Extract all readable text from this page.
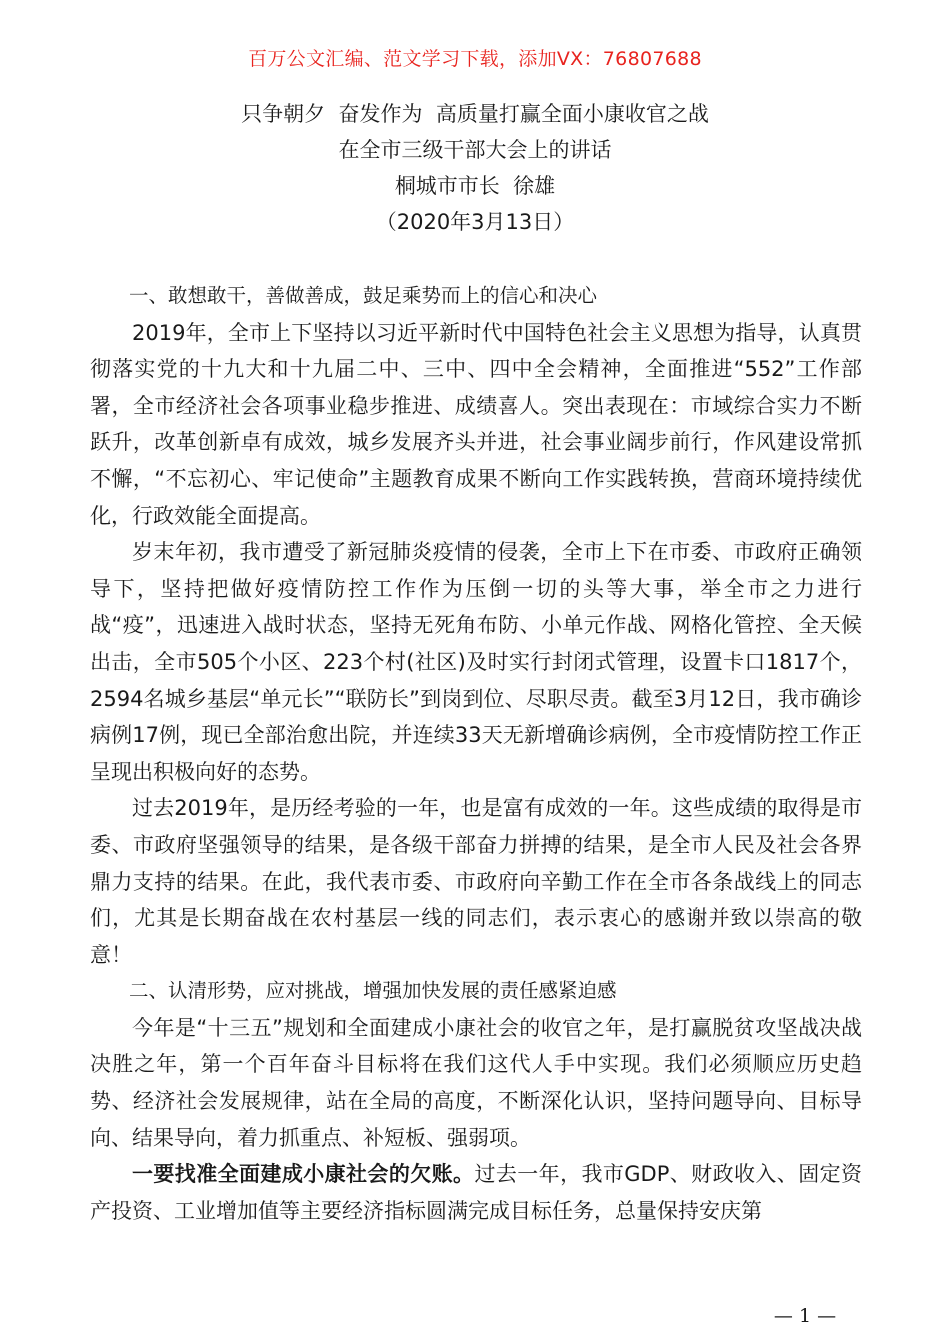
百万公文汇编、范文学习下载，添加VX：76807688
只争朝夕  奋发作为  高质量打赢全面小康收官之战
在全市三级干部大会上的讲话
桐城市市长  徐雄
（2020年3月13日）

一、敢想敢干，善做善成，鼓足乘势而上的信心和决心

2019年，全市上下坚持以习近平新时代中国特色社会主义思想为指导，认真贯彻落实党的十九大和十九届二中、三中、四中全会精神，全面推进“552”工作部署，全市经济社会各项事业稳步推进、成绩喜人。突出表现在：市域综合实力不断跃升，改革创新卓有成效，城乡发展齐头并进，社会事业阔步前行，作风建设常抓不懈，“不忘初心、牢记使命”主题教育成果不断向工作实践转换，营商环境持续优化，行政效能全面提高。

岁末年初，我市遭受了新冠肺炎疫情的侵袭，全市上下在市委、市政府正确领导下，坚持把做好疫情防控工作作为压倒一切的头等大事，举全市之力进行战“疫”，迅速进入战时状态，坚持无死角布防、小单元作战、网格化管控、全天候出击，全市505个小区、223个村(社区)及时实行封闭式管理，设置卡口1817个，2594名城乡基层“单元长”“联防长”到岗到位、尽职尽责。截至3月12日，我市确诊病例17例，现已全部治愈出院，并连续33天无新增确诊病例，全市疫情防控工作正呈现出积极向好的态势。

过去2019年，是历经考验的一年，也是富有成效的一年。这些成绩的取得是市委、市政府坚强领导的结果，是各级干部奋力拼搏的结果，是全市人民及社会各界鼎力支持的结果。在此，我代表市委、市政府向辛勤工作在全市各条战线上的同志们，尤其是长期奋战在农村基层一线的同志们，表示衷心的感谢并致以崇高的敬意！

二、认清形势，应对挑战，增强加快发展的责任感紧迫感

今年是“十三五”规划和全面建成小康社会的收官之年，是打赢脱贫攻坚战决战决胜之年，第一个百年奋斗目标将在我们这代人手中实现。我们必须顺应历史趋势、经济社会发展规律，站在全局的高度，不断深化认识，坚持问题导向、目标导向、结果导向，着力抓重点、补短板、强弱项。

一要找准全面建成小康社会的欠账。过去一年，我市GDP、财政收入、固定资产投资、工业增加值等主要经济指标圆满完成目标任务，总量保持安庆第

— 1 —
